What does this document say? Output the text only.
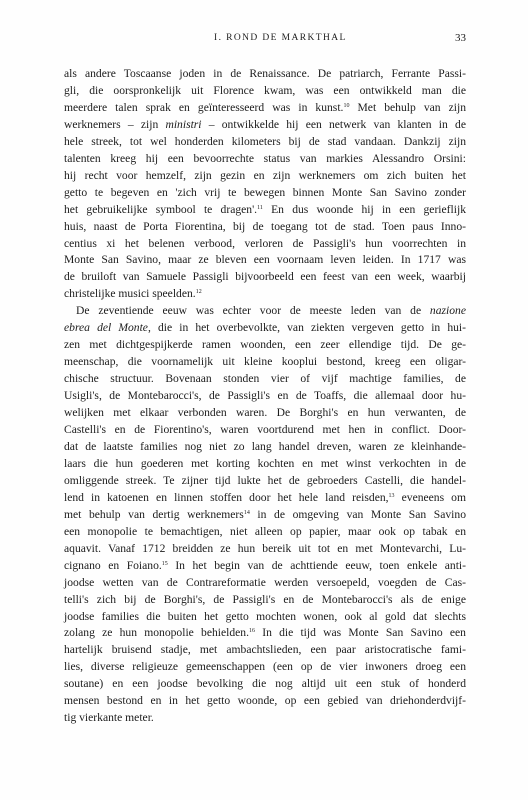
I. ROND DE MARKTHAL	33
als andere Toscaanse joden in de Renaissance. De patriarch, Ferrante Passi-
gli, die oorspronkelijk uit Florence kwam, was een ontwikkeld man die
meerdere talen sprak en geïnteresseerd was in kunst.$^{10}$ Met behulp van zijn
werknemers – zijn ministri – ontwikkelde hij een netwerk van klanten in de
hele streek, tot wel honderden kilometers bij de stad vandaan. Dankzij zijn
talenten kreeg hij een bevoorrechte status van markies Alessandro Orsini:
hij recht voor hemzelf, zijn gezin en zijn werknemers om zich buiten het
getto te begeven en 'zich vrij te bewegen binnen Monte San Savino zonder
het gebruikelijke symbool te dragen'.$^{11}$ En dus woonde hij in een gerieflijk
huis, naast de Porta Fiorentina, bij de toegang tot de stad. Toen paus Inno-
centius xi het belenen verbood, verloren de Passigli's hun voorrechten in
Monte San Savino, maar ze bleven een voornaam leven leiden. In 1717 was
de bruiloft van Samuele Passigli bijvoorbeeld een feest van een week, waarbij
christelijke musici speelden.$^{12}$
De zeventiende eeuw was echter voor de meeste leden van de nazione
ebrea del Monte, die in het overbevolkte, van ziekten vergeven getto in hui-
zen met dichtgespijkerde ramen woonden, een zeer ellendige tijd. De ge-
meenschap, die voornamelijk uit kleine kooplui bestond, kreeg een oligar-
chische structuur. Bovenaan stonden vier of vijf machtige families, de
Usigli's, de Montebarocci's, de Passigli's en de Toaffs, die allemaal door hu-
welijken met elkaar verbonden waren. De Borghi's en hun verwanten, de
Castelli's en de Fiorentino's, waren voortdurend met hen in conflict. Door-
dat de laatste families nog niet zo lang handel dreven, waren ze kleinhande-
laars die hun goederen met korting kochten en met winst verkochten in de
omliggende streek. Te zijner tijd lukte het de gebroeders Castelli, die handel-
lend in katoenen en linnen stoffen door het hele land reisden,$^{13}$ eveneens om
met behulp van dertig werknemers$^{14}$ in de omgeving van Monte San Savino
een monopolie te bemachtigen, niet alleen op papier, maar ook op tabak en
aquavit. Vanaf 1712 breidden ze hun bereik uit tot en met Montevarchi, Lu-
cignano en Foiano.$^{15}$ In het begin van de achttiende eeuw, toen enkele anti-
joodse wetten van de Contrareformatie werden versoepeld, voegden de Cas-
telli's zich bij de Borghi's, de Passigli's en de Montebarocci's als de enige
joodse families die buiten het getto mochten wonen, ook al gold dat slechts
zolang ze hun monopolie behielden.$^{16}$ In die tijd was Monte San Savino een
hartelijk bruisend stadje, met ambachtslieden, een paar aristocratische fami-
lies, diverse religieuze gemeenschappen (een op de vier inwoners droeg een
soutane) en een joodse bevolking die nog altijd uit een stuk of honderd
mensen bestond en in het getto woonde, op een gebied van driehonderdvijf-
tig vierkante meter.
